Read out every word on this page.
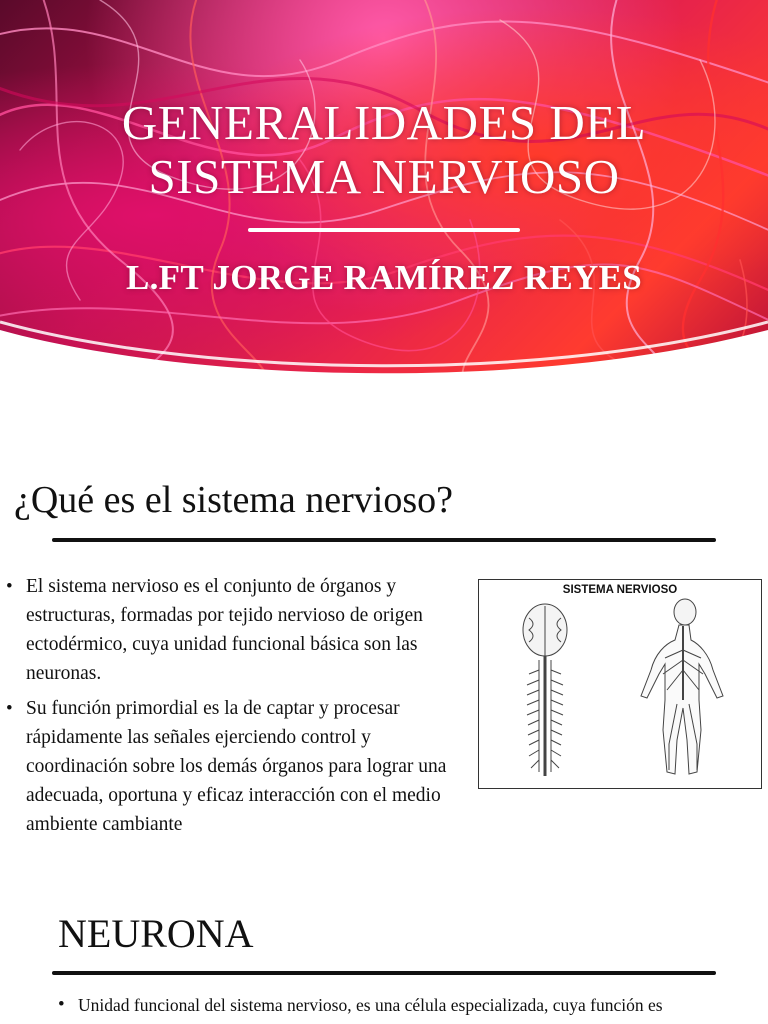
GENERALIDADES DEL
SISTEMA NERVIOSO
L.FT JORGE RAMÍREZ REYES
¿Qué es el sistema nervioso?
• El sistema nervioso es el conjunto de órganos y estructuras, formadas por tejido nervioso de origen ectodérmico, cuya unidad funcional básica son las neuronas.
• Su función primordial es la de captar y procesar rápidamente las señales ejerciendo control y coordinación sobre los demás órganos para lograr una adecuada, oportuna y eficaz interacción con el medio ambiente cambiante
SISTEMA NERVIOSO
NEURONA
• Unidad funcional del sistema nervioso, es una célula especializada, cuya función es
